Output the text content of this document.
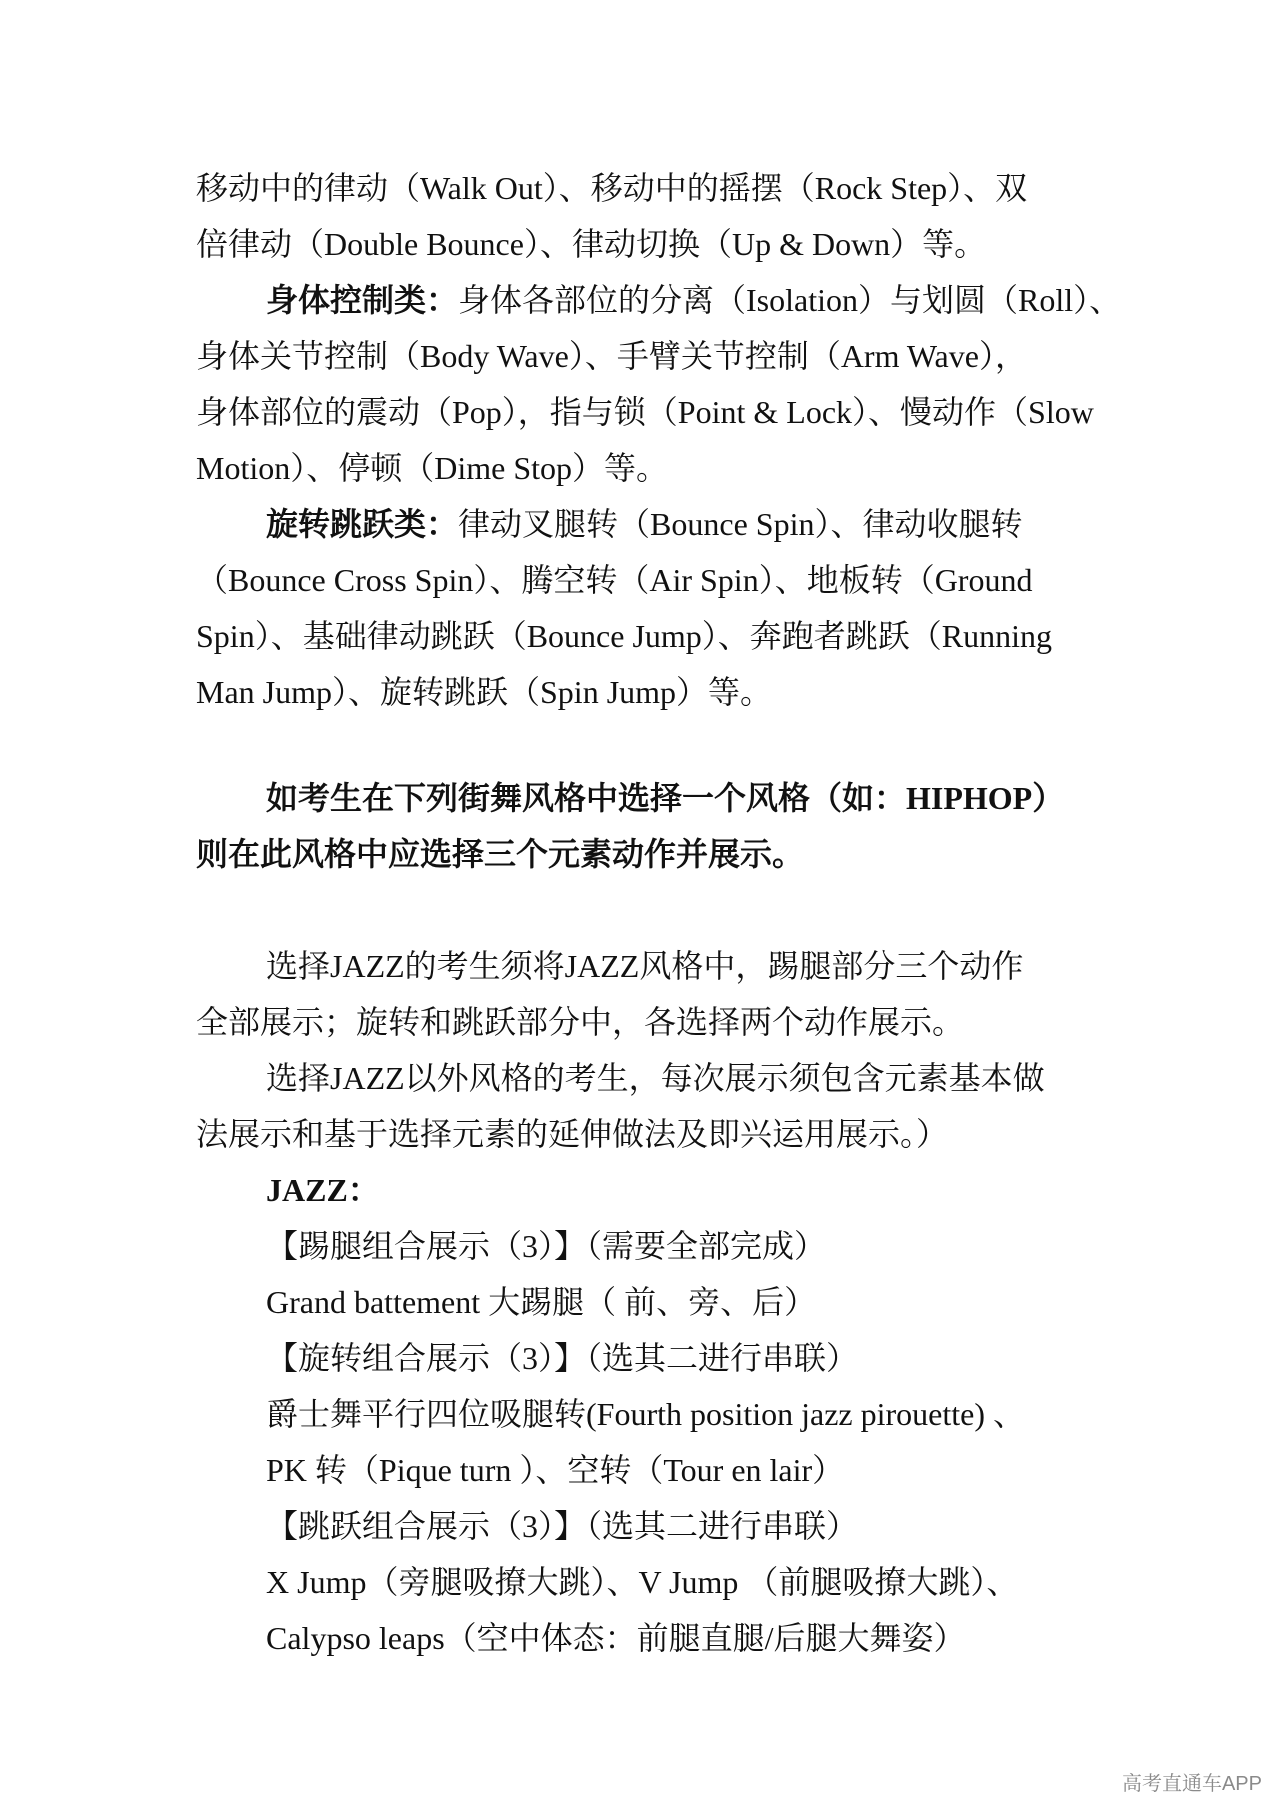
移动中的律动（Walk Out）、移动中的摇摆（Rock Step）、双
倍律动（Double Bounce）、律动切换（Up & Down）等。
身体控制类：身体各部位的分离（Isolation）与划圆（Roll）、
身体关节控制（Body Wave）、手臂关节控制（Arm Wave），
身体部位的震动（Pop），指与锁（Point & Lock）、慢动作（Slow
Motion）、停顿（Dime Stop）等。
旋转跳跃类：律动叉腿转（Bounce Spin）、律动收腿转
（Bounce Cross Spin）、腾空转（Air Spin）、地板转（Ground
Spin）、基础律动跳跃（Bounce Jump）、奔跑者跳跃（Running
Man Jump）、旋转跳跃（Spin Jump）等。
如考生在下列街舞风格中选择一个风格（如：HIPHOP）
则在此风格中应选择三个元素动作并展示。
选择JAZZ的考生须将JAZZ风格中，踢腿部分三个动作
全部展示；旋转和跳跃部分中，各选择两个动作展示。
选择JAZZ以外风格的考生，每次展示须包含元素基本做
法展示和基于选择元素的延伸做法及即兴运用展示。）
JAZZ：
【踢腿组合展示（3）】（需要全部完成）
Grand battement 大踢腿（ 前、旁、后）
【旋转组合展示（3）】（选其二进行串联）
爵士舞平行四位吸腿转(Fourth position jazz pirouette) 、
PK 转（Pique turn ）、空转（Tour en lair）
【跳跃组合展示（3）】（选其二进行串联）
X Jump（旁腿吸撩大跳）、V Jump （前腿吸撩大跳）、
Calypso leaps（空中体态：前腿直腿/后腿大舞姿）
高考直通车APP
